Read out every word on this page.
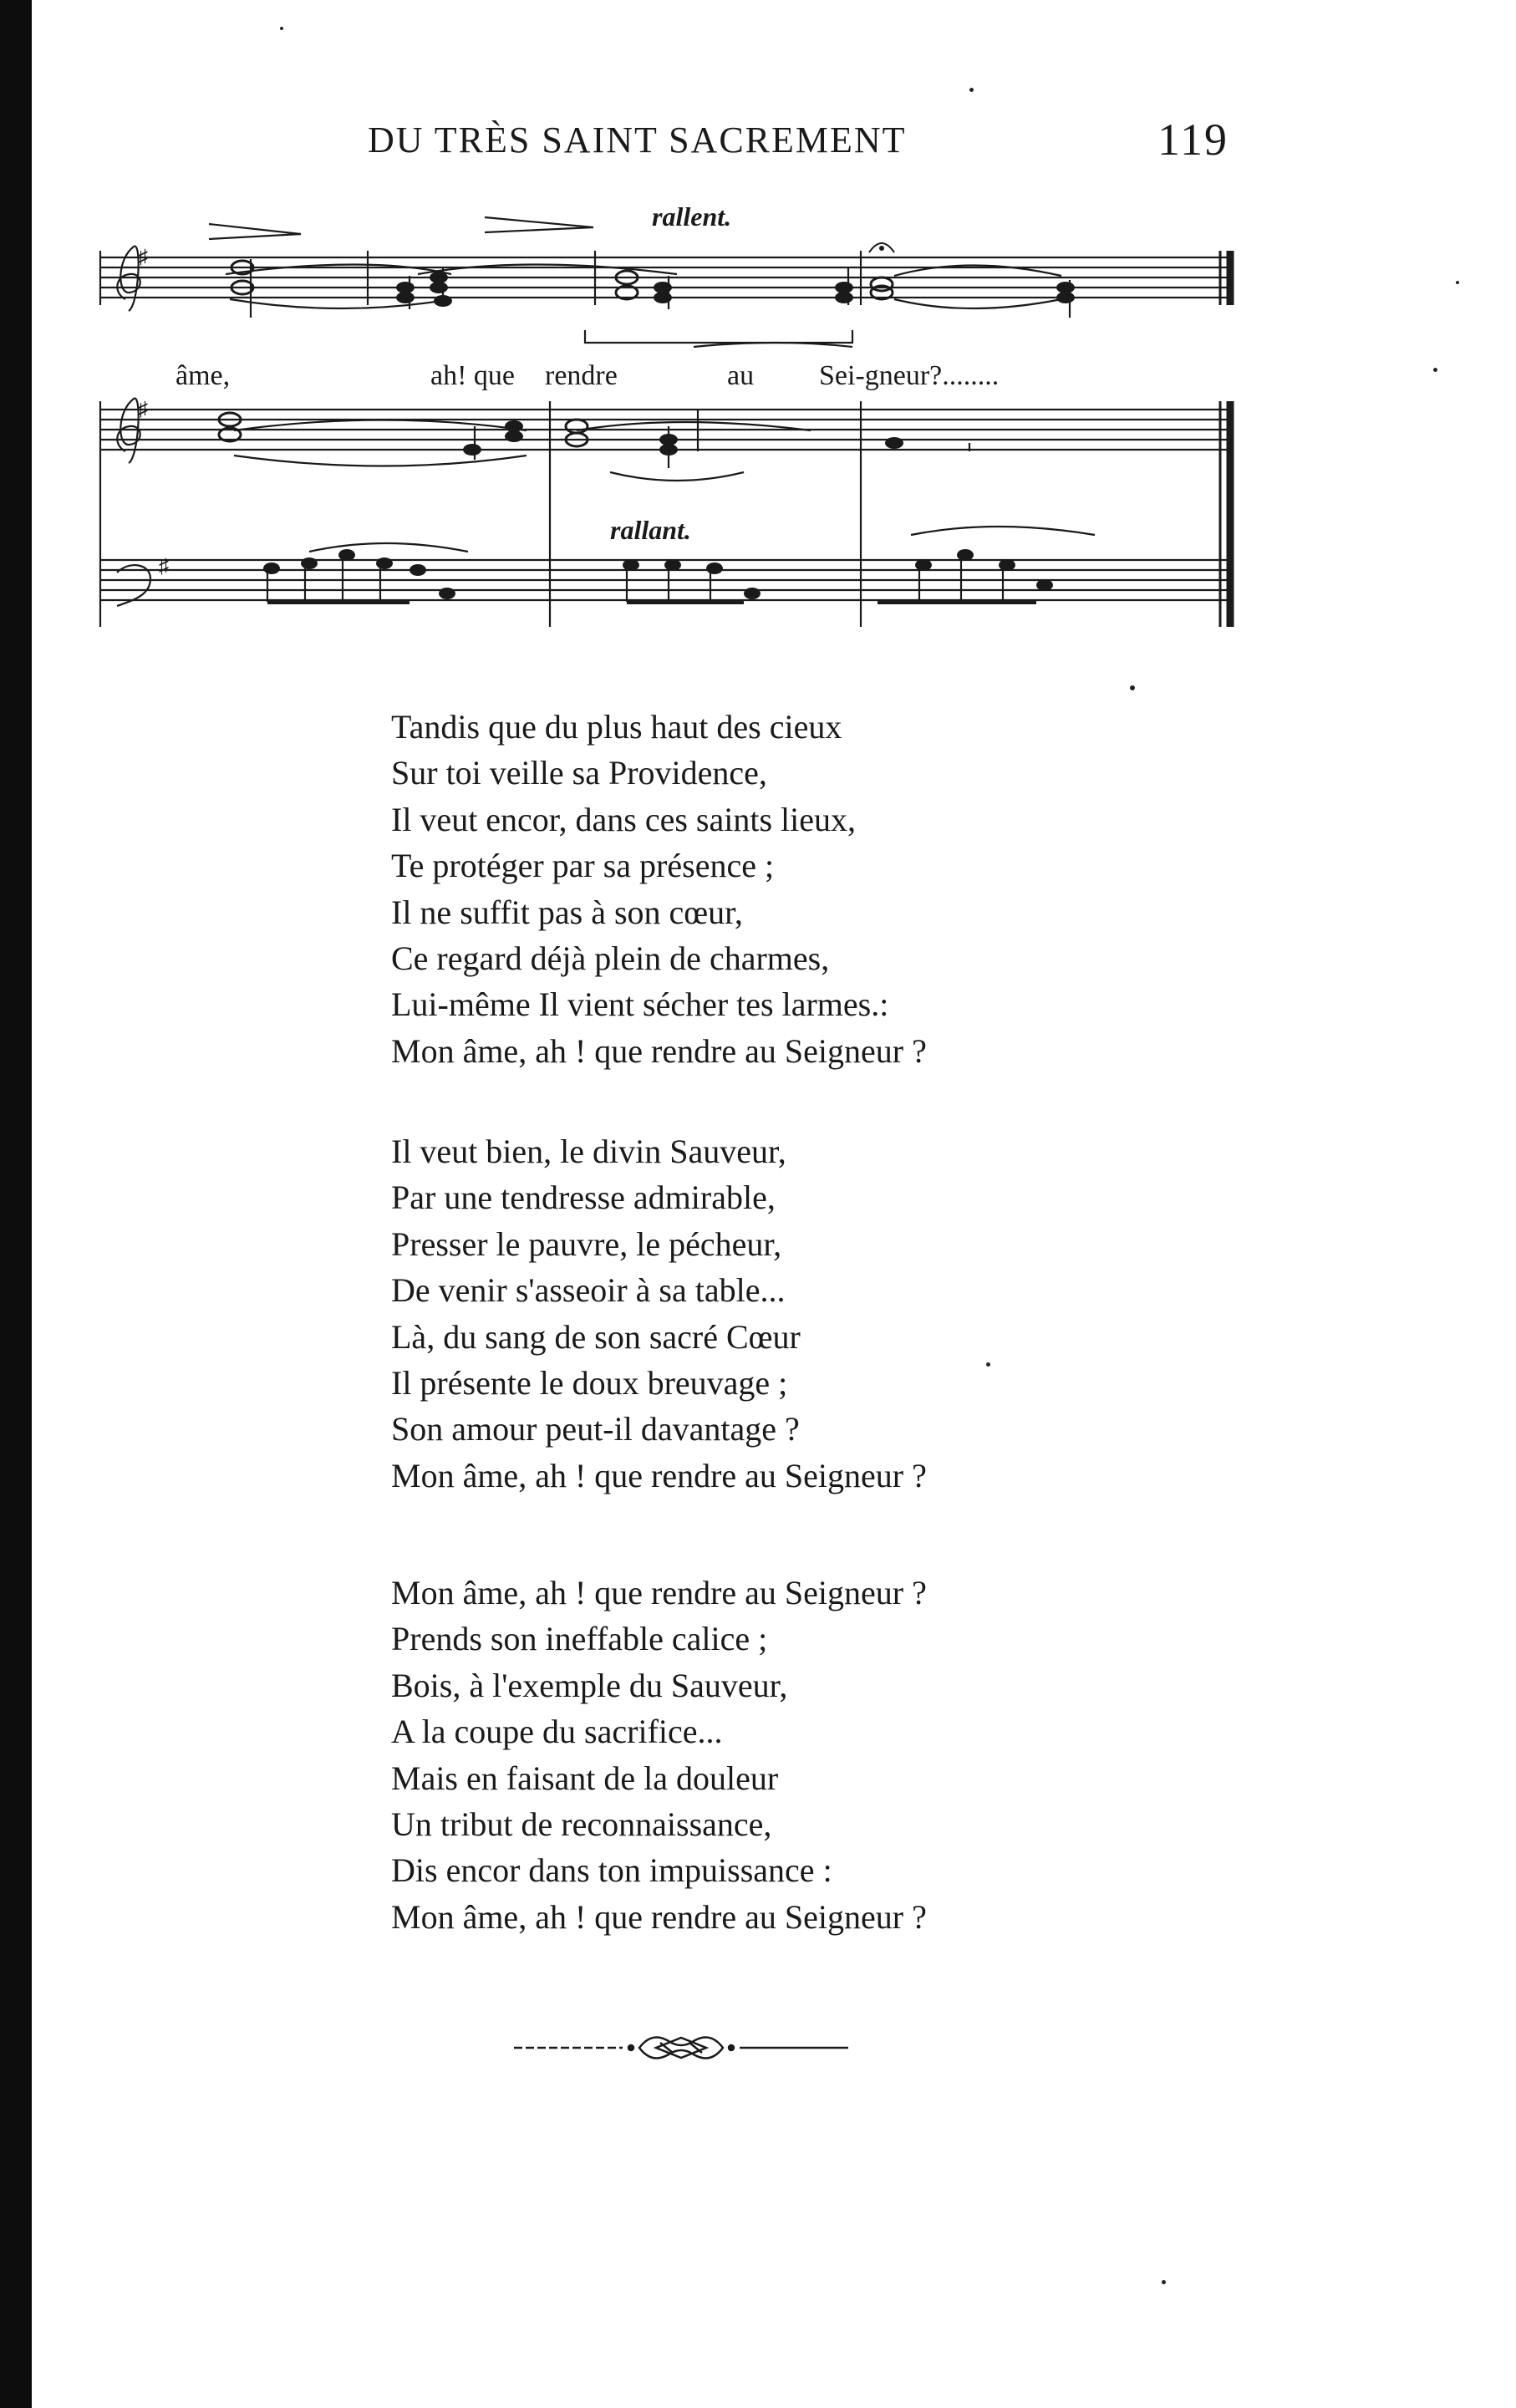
DU TRÈS SAINT SACREMENT	119
♯
♯
♯
rallent.
rallant.
âme,	ah! que rendre	au Sei-gneur?........
Tandis que du plus haut des cieux
Sur toi veille sa Providence,
Il veut encor, dans ces saints lieux,
Te protéger par sa présence ;
Il ne suffit pas à son cœur,
Ce regard déjà plein de charmes,
Lui-même Il vient sécher tes larmes.:
Mon âme, ah ! que rendre au Seigneur ?
Il veut bien, le divin Sauveur,
Par une tendresse admirable,
Presser le pauvre, le pécheur,
De venir s'asseoir à sa table...
Là, du sang de son sacré Cœur
Il présente le doux breuvage ;
Son amour peut-il davantage ?
Mon âme, ah ! que rendre au Seigneur ?
Mon âme, ah ! que rendre au Seigneur ?
Prends son ineffable calice ;
Bois, à l'exemple du Sauveur,
A la coupe du sacrifice...
Mais en faisant de la douleur
Un tribut de reconnaissance,
Dis encor dans ton impuissance :
Mon âme, ah ! que rendre au Seigneur ?
